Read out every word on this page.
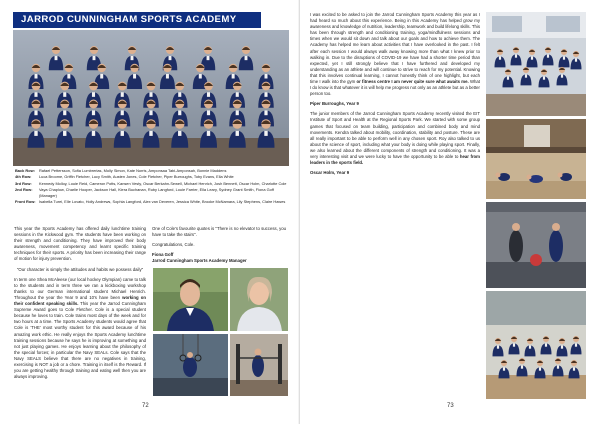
JARROD CUNNINGHAM SPORTS ACADEMY
Back Row:	Rafael Pettersson, Sofia Lumbrerias, Molly Simon, Kate Norris, Amponsaa Tabi-Amponsah, Bonnie Maddens
4th Row:	Luca Broome, Griffin Fletcher, Lucy Smith, Austen Jones, Cole Fletcher, Piper Burroughs, Toby Evans, Ella White
3rd Row:	Kennedy Molloy, Louie Reid, Cameron Potts, Kansen Vesty, Oscar Berkahn-Sewell, Michael Henrich, Josh Bennett, Oscar Holm, Charlotte Cole
2nd Row:	Vaya Chaplow, Charlie Hooper, Jackson Hall, Kiera Buchanan, Ruby Langford, Louie Farrier, Ella Leary, Sydney Grant Smith, Fiona Goff (Manager)
Front Row: Isabella Turei, Elle Lovato, Holly Andrews, Sophia Langford, Alex van Deveren, Jessica White, Brooke McNamara, Lily Stephens, Claire Hawes

This year the Sports Academy has offered daily lunchtime training sessions in the Kickwood gym. The students have been working on their strength and conditioning. They have improved their body awareness, movement competency and learnt specific training techniques for their sports. A priority has been increasing their range of motion for injury prevention.

"Our character is simply the attitudes and habits we possess daily"

In term one Shea McAleese (our local hockey Olympian) came to talk to the students and in term three we ran a kickboxing workshop thanks to our German international student Michael Henrich. Throughout the year the Year 9 and 10's have been working on their confident speaking skills. This year the Jarrod Cunningham Supreme Award goes to Cole Fletcher. Cole is a special student because he loves to train. Cole trains most days of the week and for two hours at a time. The Sports Academy students would agree that Cole is 'THE' most worthy student for this award because of his amazing work ethic. He really enjoys the Sports Academy lunchtime training sessions because he says he is improving at something and not just playing games. He enjoys learning about the philosophy of the special forces; in particular the Navy SEALs. Cole says that the Navy SEALS believe that there are no negatives in training, exercising is NOT a job or a chore. Training in itself is the Reward. If you are getting healthy through training and eating well then you are always improving.

One of Cole's favourite quotes is "There is no elevator to success, you have to take the stairs".

Congratulations, Cole.

Fiona Goff
Jarrod Cunningham Sports Academy Manager
72

I was excited to be asked to join the Jarrod Cunningham Sports Academy this year as I had heard so much about this experience. Being in this Academy has helped grow my awareness and knowledge of nutrition, leadership, teamwork and build lifelong skills. This has been through strength and conditioning training, yoga/mindfulness sessions and times when we would sit down and talk about our goals and how to achieve them. The Academy has helped me learn about activities that I have overlooked in the past. I felt after each session I would always walk away knowing more than what I knew prior to walking in. Due to the disruptions of COVID-19 we have had a shorter time period than expected, yet I still strongly believe that I have furthered and developed my understanding as an athlete and will continue to strive to reach for my potential. Knowing that this involves continual learning, I cannot honestly think of one highlight, but each time I walk into the gym or fitness centre I am never quite sure what awaits me. What I do know is that whatever it is will help me progress not only as an athlete but as a better person too.

Piper Burroughs, Year 9

The junior members of the Jarrod Cunningham Sports Academy recently visited the EIT Institute of Sport and Health at the Regional Sports Park. We started with some group games that focused on team building, participation and combined body and mind movements. Kendra talked about mobility, coordination, stability and posture. These are all really important to be able to perform well in any chosen sport. Roy also talked to us about the science of sport, including what your body is doing while playing sport. Finally, we also learned about the different components of strength and conditioning. It was a very interesting visit and we were lucky to have the opportunity to be able to hear from leaders in the sports field.

Oscar Holm, Year 9

73
